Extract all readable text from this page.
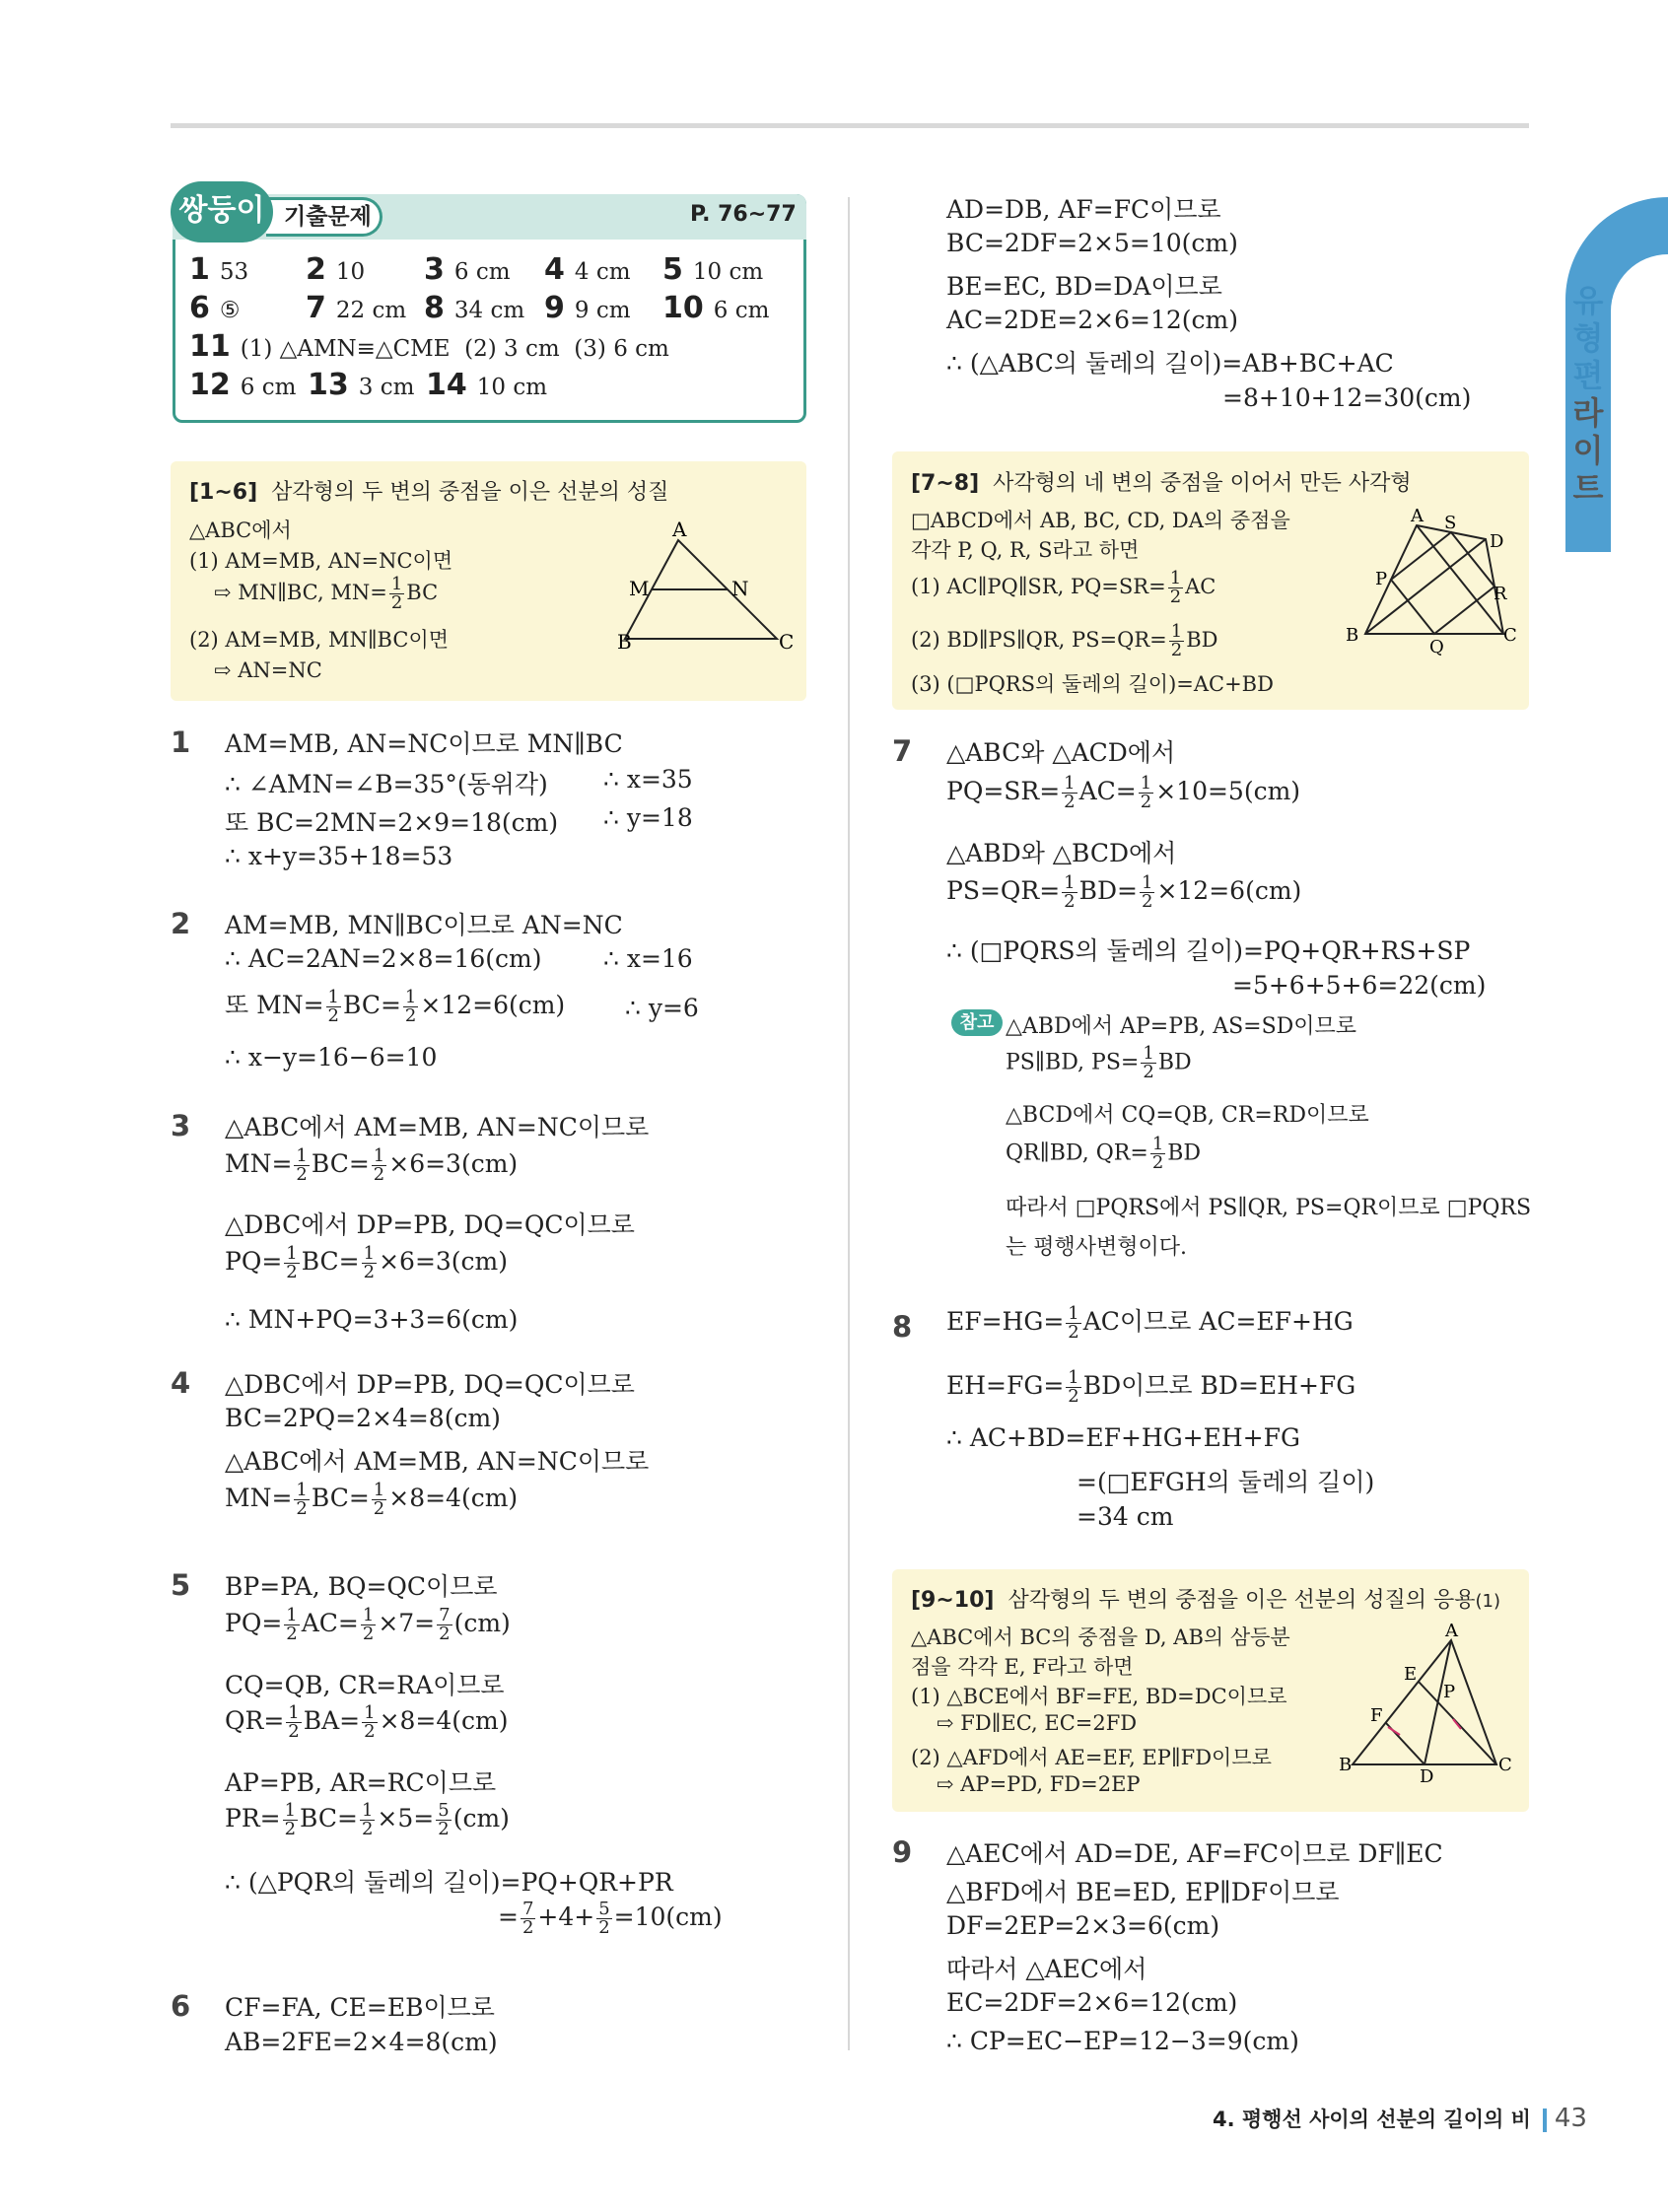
유
형
편
라
이
트
기출문제
쌍둥이	P. 76~77
1 53 2 10 3 6 cm 4 4 cm 5 10 cm
6 ⑤ 7 22 cm 8 34 cm 9 9 cm 10 6 cm
11 (1) △AMN≡△CME (2) 3 cm (3) 6 cm
12 6 cm 13 3 cm 14 10 cm
[1~6] 삼각형의 두 변의 중점을 이은 선분의 성질
△ABC에서
(1) AM=MB, AN=NC이면
⇨ MN∥BC, $MN= \frac{1}{2}$ BC
(2) AM=MB, MN∥BC이면
⇨ AN=NC
A
M	N
B	C
1 AM=MB, AN=NC이므로 MN∥BC
∴ ∠AMN=∠B=35°(동위각) ∴ x=35
또 BC=2MN=2×9=18(cm) ∴ y=18
∴ x+y=35+18=53
2 AM=MB, MN∥BC이므로 AN=NC
∴ AC=2AN=2×8=16(cm)	∴ x=16
또 $MN= \frac{1}{2} BC= \frac{1}{2} \times 12=6(cm)$ ∴ y=6
∴ x−y=16−6=10
3 △ABC에서 AM=MB, AN=NC이므로
$MN= \frac{1}{2} BC= \frac{1}{2} \times 6=3(cm)$
△DBC에서 DP=PB, DQ=QC이므로
$PQ= \frac{1}{2} BC= \frac{1}{2} \times 6=3(cm)$
∴ MN+PQ=3+3=6(cm)
4 △DBC에서 DP=PB, DQ=QC이므로
BC=2PQ=2×4=8(cm)
△ABC에서 AM=MB, AN=NC이므로
$MN= \frac{1}{2} BC= \frac{1}{2} \times 8=4(cm)$
5 BP=PA, BQ=QC이므로
$PQ= \frac{1}{2} AC= \frac{1}{2} \times 7= \frac{7}{2} (cm)$
CQ=QB, CR=RA이므로
$QR= \frac{1}{2} BA= \frac{1}{2} \times 8=4(cm)$
AP=PB, AR=RC이므로
$PR= \frac{1}{2} BC= \frac{1}{2} \times 5= \frac{5}{2} (cm)$
∴ (△PQR의 둘레의 길이)=PQ+QR+PR
= $\frac{7}{2} +4+ \frac{5}{2} =10(cm)$
6 CF=FA, CE=EB이므로
AB=2FE=2×4=8(cm)
AD=DB, AF=FC이므로
BC=2DF=2×5=10(cm)
BE=EC, BD=DA이므로
AC=2DE=2×6=12(cm)
∴ (△ABC의 둘레의 길이)=AB+BC+AC
=8+10+12=30(cm)
[7~8] 사각형의 네 변의 중점을 이어서 만든 사각형
□ABCD에서 AB, BC, CD, DA의 중점을
각각 P, Q, R, S라고 하면
(1) AC∥PQ∥SR, $PQ=SR= \frac{1}{2}$ AC
(2) BD∥PS∥QR, $PS=QR= \frac{1}{2}$ BD
(3) (□PQRS의 둘레의 길이)=AC+BD
A S
D
P
R
B
Q
C
7 △ABC와 △ACD에서
$PQ=SR= \frac{1}{2} AC= \frac{1}{2} \times 10=5(cm)$
△ABD와 △BCD에서
$PS=QR= \frac{1}{2} BD= \frac{1}{2} \times 12=6(cm)$
∴ (□PQRS의 둘레의 길이)=PQ+QR+RS+SP
=5+6+5+6=22(cm)
참고 △ABD에서 AP=PB, AS=SD이므로
PS∥BD, $PS= \frac{1}{2}$ BD
△BCD에서 CQ=QB, CR=RD이므로
QR∥BD, $QR= \frac{1}{2}$ BD
따라서 □PQRS에서 PS∥QR, PS=QR이므로 □PQRS
는 평행사변형이다.
8 $EF=HG= \frac{1}{2}$ AC이므로 AC=EF+HG
$EH=FG= \frac{1}{2}$ BD이므로 BD=EH+FG
∴ AC+BD=EF+HG+EH+FG
=(□EFGH의 둘레의 길이)
=34 cm
[9~10] 삼각형의 두 변의 중점을 이은 선분의 성질의 응용(1)
△ABC에서 BC의 중점을 D, AB의 삼등분
점을 각각 E, F라고 하면
(1) △BCE에서 BF=FE, BD=DC이므로
⇨ FD∥EC, EC=2FD
(2) △AFD에서 AE=EF, EP∥FD이므로
⇨ AP=PD, FD=2EP
A
E
P
F
B
D
C
9 △AEC에서 AD=DE, AF=FC이므로 DF∥EC
△BFD에서 BE=ED, EP∥DF이므로
DF=2EP=2×3=6(cm)
따라서 △AEC에서
EC=2DF=2×6=12(cm)
∴ CP=EC−EP=12−3=9(cm)
4. 평행선 사이의 선분의 길이의 비 43
